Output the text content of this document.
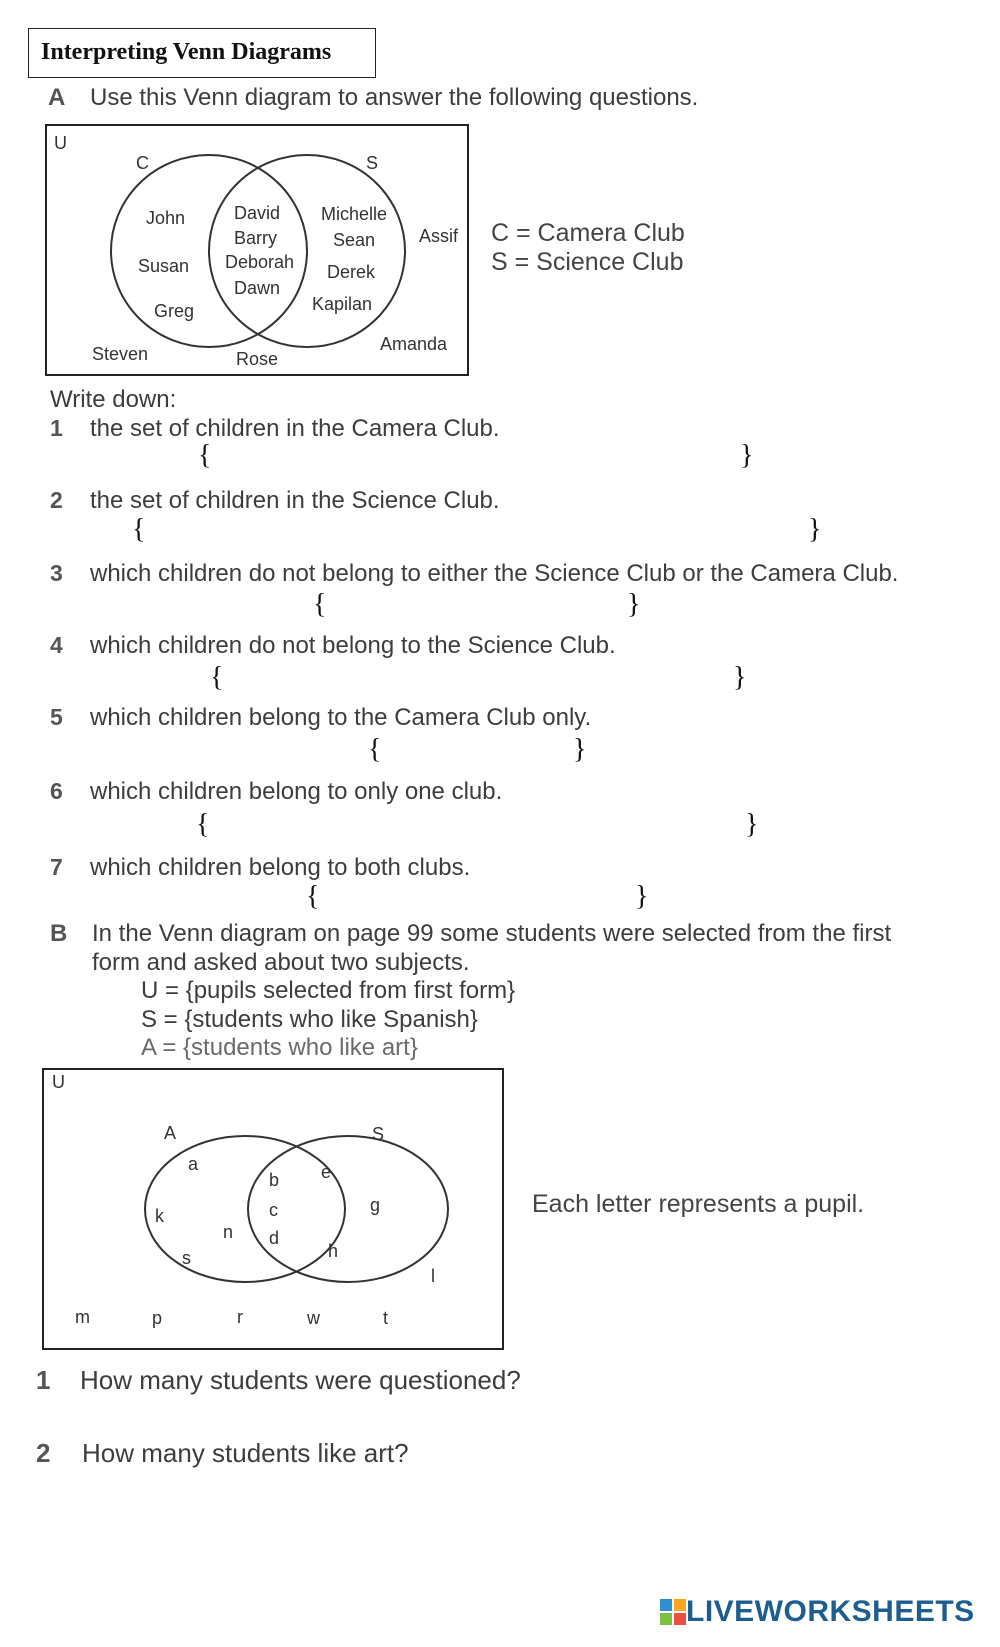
Interpreting Venn Diagrams
A Use this Venn diagram to answer the following questions.
U
C	S
John
Susan
Greg
David
Barry
Deborah
Dawn
Michelle
Sean
Derek
Kapilan
Assif
Steven	Rose
Amanda
C = Camera Club
S = Science Club
Write down:
1 the set of children in the Camera Club.
{	}
2 the set of children in the Science Club.
{	}
3 which children do not belong to either the Science Club or the Camera Club.
{	}
4 which children do not belong to the Science Club.
{	}
5 which children belong to the Camera Club only.
{	}
6 which children belong to only one club.
{	}
7 which children belong to both clubs.
{	}
B In the Venn diagram on page 99 some students were selected from the first
form and asked about two subjects.
U = {pupils selected from first form}
S = {students who like Spanish}
A = {students who like art}
U
A	S
a
k
n
s
b
c
d
e
g
h
l
m	p	r	w	t
Each letter represents a pupil.
1 How many students were questioned?
2 How many students like art?
LIVEWORKSHEETS
